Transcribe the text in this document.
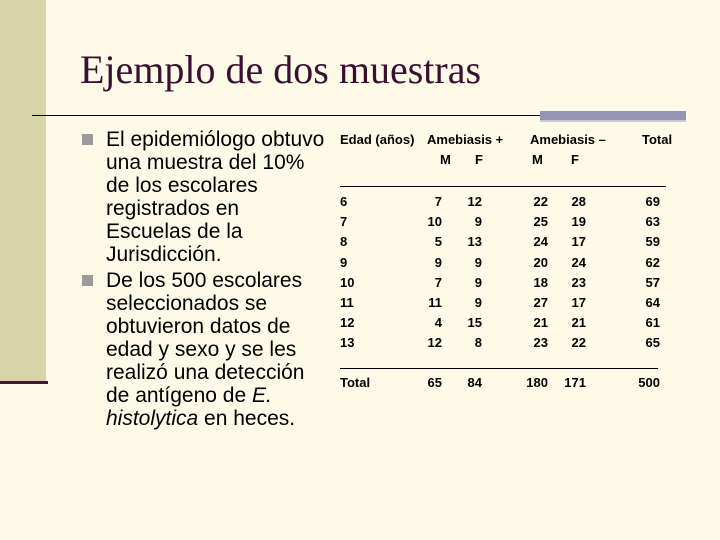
Ejemplo de dos muestras
El epidemiólogo obtuvo una muestra del 10% de los escolares registrados en Escuelas de la Jurisdicción.
De los 500 escolares seleccionados se obtuvieron datos de edad y sexo y se les realizó una detección de antígeno de E. histolytica en heces.
Edad (años) Amebiasis + Amebiasis –	Total
M F	M F
6	7	12	22	28	69
7	10	9	25	19	63
8	5	13	24	17	59
9	9	9	20	24	62
10	7	9	18	23	57
11	11	9	27	17	64
12	4	15	21	21	61
13	12	8	23	22	65
Total	65	84	180	171	500
